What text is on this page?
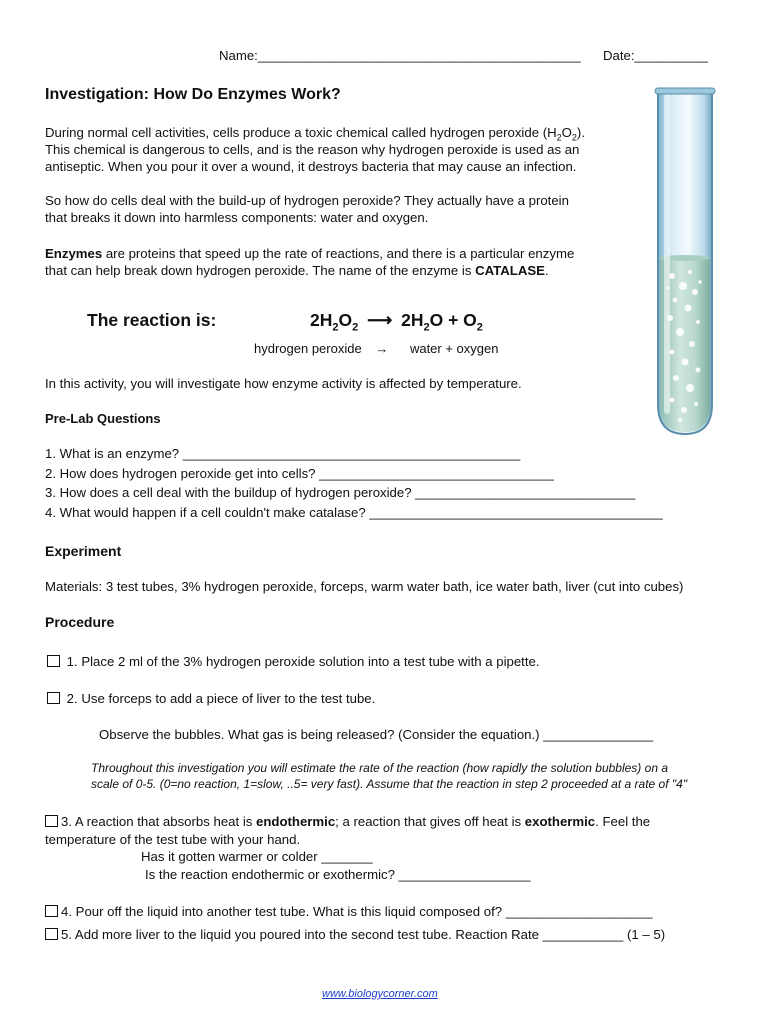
Name:____________________________________________ Date:__________
Investigation: How Do Enzymes Work?
During normal cell activities, cells produce a toxic chemical called hydrogen peroxide $(H_2O_2)$.
This chemical is dangerous to cells, and is the reason why hydrogen peroxide is used as an
antiseptic. When you pour it over a wound, it destroys bacteria that may cause an infection.
So how do cells deal with the build-up of hydrogen peroxide? They actually have a protein
that breaks it down into harmless components: water and oxygen.
Enzymes are proteins that speed up the rate of reactions, and there is a particular enzyme
that can help break down hydrogen peroxide. The name of the enzyme is CATALASE.
The reaction is:	$2H_2O_2$ ⟶ $2H_2O + O_2$
hydrogen peroxide → water + oxygen
In this activity, you will investigate how enzyme activity is affected by temperature.
Pre-Lab Questions
1. What is an enzyme? ______________________________________________
2. How does hydrogen peroxide get into cells? ________________________________
3. How does a cell deal with the buildup of hydrogen peroxide? ______________________________
4. What would happen if a cell couldn't make catalase? ________________________________________
Experiment
Materials: 3 test tubes, 3% hydrogen peroxide, forceps, warm water bath, ice water bath, liver (cut into cubes)
Procedure
1. Place 2 ml of the 3% hydrogen peroxide solution into a test tube with a pipette.
2. Use forceps to add a piece of liver to the test tube.
Observe the bubbles. What gas is being released? (Consider the equation.) _______________
Throughout this investigation you will estimate the rate of the reaction (how rapidly the solution bubbles) on a
scale of 0-5. (0=no reaction, 1=slow, ..5= very fast). Assume that the reaction in step 2 proceeded at a rate of "4"
3. A reaction that absorbs heat is endothermic; a reaction that gives off heat is exothermic. Feel the
temperature of the test tube with your hand.
Has it gotten warmer or colder _______
Is the reaction endothermic or exothermic? __________________
4. Pour off the liquid into another test tube. What is this liquid composed of? ____________________
5. Add more liver to the liquid you poured into the second test tube. Reaction Rate ___________ (1 – 5)
www.biologycorner.com
